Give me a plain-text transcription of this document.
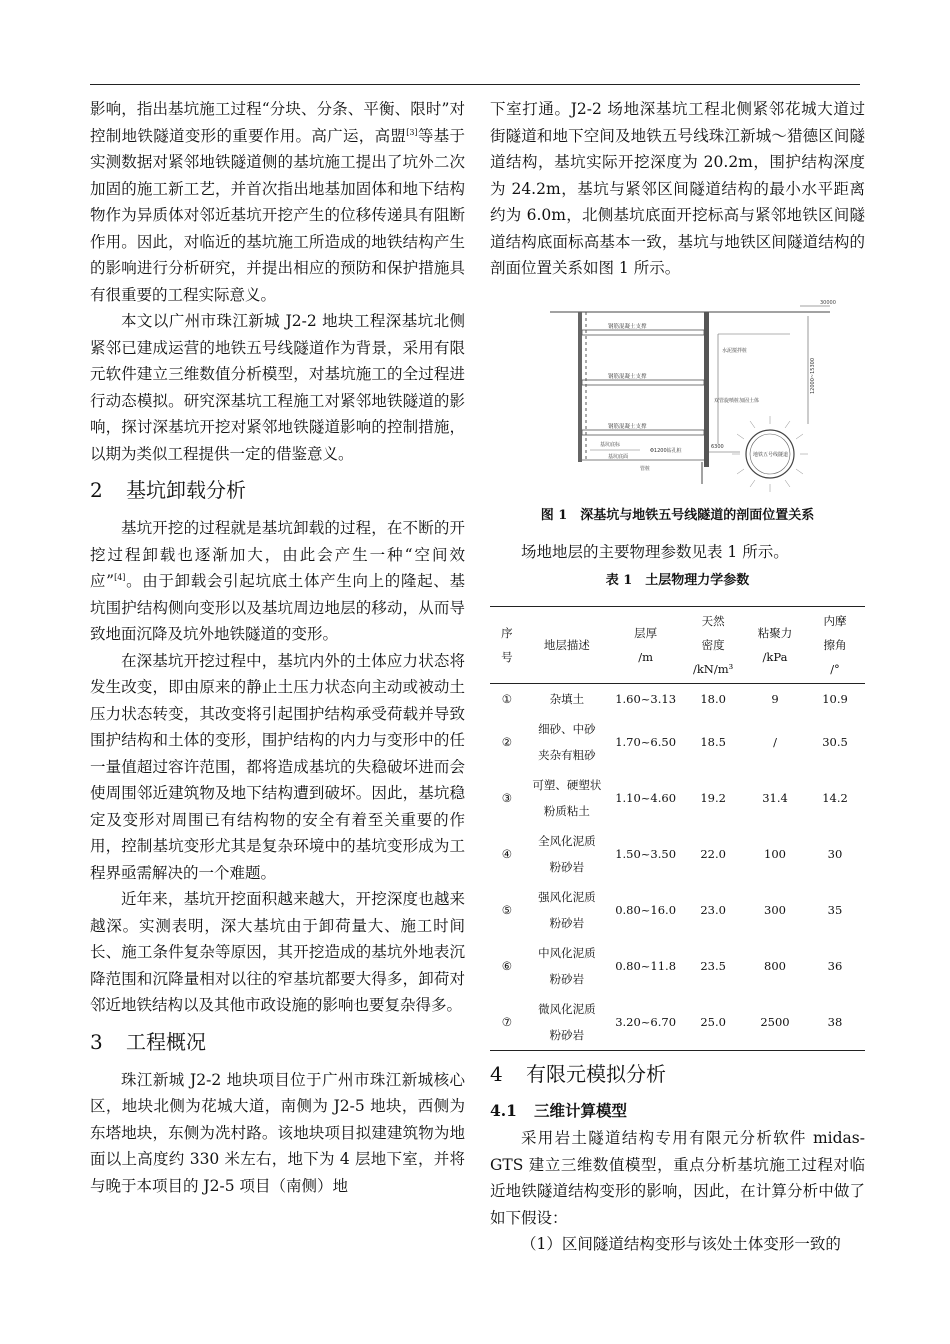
影响，指出基坑施工过程“分块、分条、平衡、限时”对控制地铁隧道变形的重要作用。高广运，高盟[3]等基于实测数据对紧邻地铁隧道侧的基坑施工提出了坑外二次加固的施工新工艺，并首次指出地基加固体和地下结构物作为异质体对邻近基坑开挖产生的位移传递具有阻断作用。因此，对临近的基坑施工所造成的地铁结构产生的影响进行分析研究，并提出相应的预防和保护措施具有很重要的工程实际意义。

本文以广州市珠江新城 J2-2 地块工程深基坑北侧紧邻已建成运营的地铁五号线隧道作为背景，采用有限元软件建立三维数值分析模型，对基坑施工的全过程进行动态模拟。研究深基坑工程施工对紧邻地铁隧道的影响，探讨深基坑开挖对紧邻地铁隧道影响的控制措施，以期为类似工程提供一定的借鉴意义。

2 基坑卸载分析

基坑开挖的过程就是基坑卸载的过程，在不断的开挖过程卸载也逐渐加大，由此会产生一种“空间效应”[4]。由于卸载会引起坑底土体产生向上的隆起、基坑围护结构侧向变形以及基坑周边地层的移动，从而导致地面沉降及坑外地铁隧道的变形。

在深基坑开挖过程中，基坑内外的土体应力状态将发生改变，即由原来的静止土压力状态向主动或被动土压力状态转变，其改变将引起围护结构承受荷载并导致围护结构和土体的变形，围护结构的内力与变形中的任一量值超过容许范围，都将造成基坑的失稳破坏进而会使周围邻近建筑物及地下结构遭到破坏。因此，基坑稳定及变形对周围已有结构物的安全有着至关重要的作用，控制基坑变形尤其是复杂环境中的基坑变形成为工程界亟需解决的一个难题。

近年来，基坑开挖面积越来越大，开挖深度也越来越深。实测表明，深大基坑由于卸荷量大、施工时间长、施工条件复杂等原因，其开挖造成的基坑外地表沉降范围和沉降量相对以往的窄基坑都要大得多，卸荷对邻近地铁结构以及其他市政设施的影响也要复杂得多。

3 工程概况

珠江新城 J2-2 地块项目位于广州市珠江新城核心区，地块北侧为花城大道，南侧为 J2-5 地块，西侧为东塔地块，东侧为冼村路。该地块项目拟建建筑物为地面以上高度约 330 米左右，地下为 4 层地下室，并将与晚于本项目的 J2-5 项目（南侧）地

下室打通。J2-2 场地深基坑工程北侧紧邻花城大道过街隧道和地下空间及地铁五号线珠江新城～猎德区间隧道结构，基坑实际开挖深度为 20.2m，围护结构深度为 24.2m，基坑与紧邻区间隧道结构的最小水平距离约为 6.0m，北侧基坑底面开挖标高与紧邻地铁区间隧道结构底面标高基本一致，基坑与地铁区间隧道结构的剖面位置关系如图 1 所示。

30000
钢筋混凝土支撑
钢筋混凝土支撑
钢筋混凝土支撑
基坑底标
基坑底面
管桩
Φ1200钻孔桩
水泥搅拌桩
双管旋喷桩加固土体
12000~15300
6300
地铁五号线隧道
图 1　深基坑与地铁五号线隧道的剖面位置关系

场地地层的主要物理参数见表 1 所示。

表 1　土层物理力学参数
序
号	地层描述	层厚
/m	天然
密度
/kN/m³	粘聚力
/kPa	内摩
擦角
/°
①	杂填土	1.60~3.13	18.0	9	10.9
②	细砂、中砂
夹杂有粗砂	1.70~6.50	18.5	/	30.5
③	可塑、硬塑状
粉质粘土	1.10~4.60	19.2	31.4	14.2
④	全风化泥质
粉砂岩	1.50~3.50	22.0	100	30
⑤	强风化泥质
粉砂岩	0.80~16.0	23.0	300	35
⑥	中风化泥质
粉砂岩	0.80~11.8	23.5	800	36
⑦	微风化泥质
粉砂岩	3.20~6.70	25.0	2500	38
4 有限元模拟分析
4.1 三维计算模型

采用岩土隧道结构专用有限元分析软件 midas-GTS 建立三维数值模型，重点分析基坑施工过程对临近地铁隧道结构变形的影响，因此，在计算分析中做了如下假设：

（1）区间隧道结构变形与该处土体变形一致的
